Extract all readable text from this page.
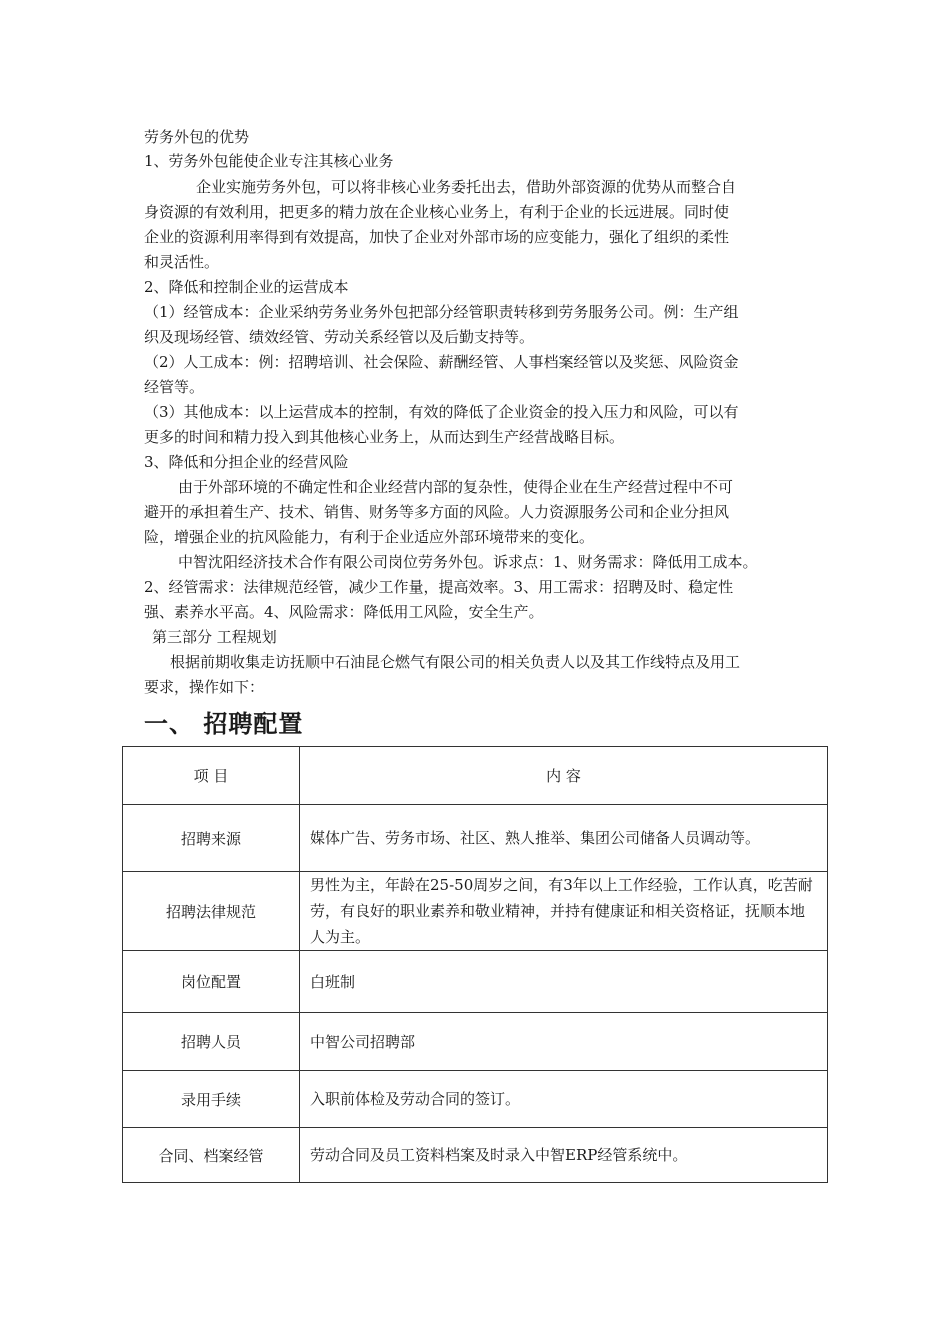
劳务外包的优势
1、劳务外包能使企业专注其核心业务
企业实施劳务外包，可以将非核心业务委托出去，借助外部资源的优势从而整合自
身资源的有效利用，把更多的精力放在企业核心业务上，有利于企业的长远进展。同时使
企业的资源利用率得到有效提高，加快了企业对外部市场的应变能力，强化了组织的柔性
和灵活性。
2、降低和控制企业的运营成本
（1）经管成本：企业采纳劳务业务外包把部分经管职责转移到劳务服务公司。例：生产组
织及现场经管、绩效经管、劳动关系经管以及后勤支持等。
（2）人工成本：例：招聘培训、社会保险、薪酬经管、人事档案经管以及奖惩、风险资金
经管等。
（3）其他成本：以上运营成本的控制，有效的降低了企业资金的投入压力和风险，可以有
更多的时间和精力投入到其他核心业务上，从而达到生产经营战略目标。
3、降低和分担企业的经营风险
由于外部环境的不确定性和企业经营内部的复杂性，使得企业在生产经营过程中不可
避开的承担着生产、技术、销售、财务等多方面的风险。人力资源服务公司和企业分担风
险，增强企业的抗风险能力，有利于企业适应外部环境带来的变化。
中智沈阳经济技术合作有限公司岗位劳务外包。诉求点：1、财务需求：降低用工成本。
2、经管需求：法律规范经管，减少工作量，提高效率。3、用工需求：招聘及时、稳定性
强、素养水平高。4、风险需求：降低用工风险，安全生产。
第三部分 工程规划
根据前期收集走访抚顺中石油昆仑燃气有限公司的相关负责人以及其工作线特点及用工
要求，操作如下：
一、 招聘配置
项 目	内 容
招聘来源	媒体广告、劳务市场、社区、熟人推举、集团公司储备人员调动等。
招聘法律规范	男性为主，年龄在25-50周岁之间，有3年以上工作经验，工作认真，吃苦耐劳，有良好的职业素养和敬业精神，并持有健康证和相关资格证，抚顺本地人为主。
岗位配置	白班制
招聘人员	中智公司招聘部
录用手续	入职前体检及劳动合同的签订。
合同、档案经管	劳动合同及员工资料档案及时录入中智ERP经管系统中。
